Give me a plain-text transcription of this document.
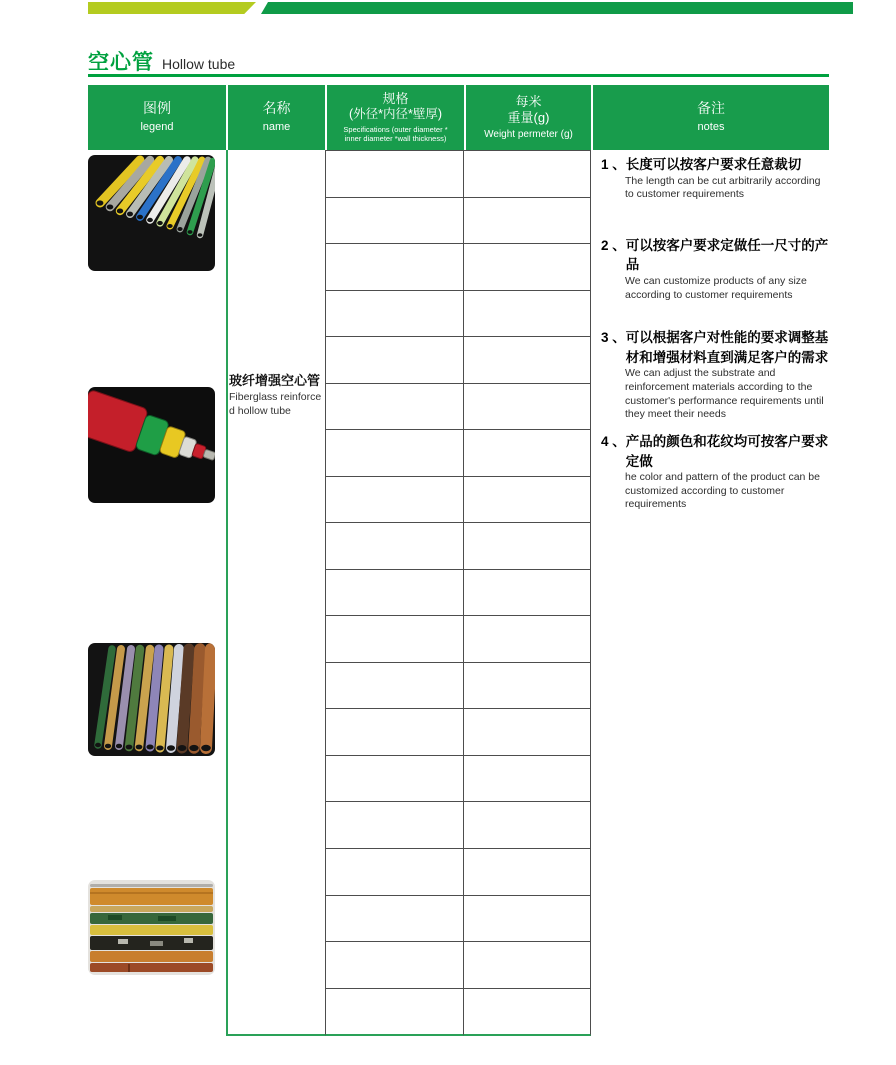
空心管 Hollow tube
图例
legend
名称
name
规格
(外径*内径*壁厚)
Specifications (outer diameter *
inner diameter *wall thickness)
每米
重量(g)
Weight permeter (g)
备注
notes
玻纤增强空心管
Fiberglass reinforced hollow tube
1 、 长度可以按客户要求任意裁切
The length can be cut arbitrarily according to customer requirements
2 、 可以按客户要求定做任一尺寸的产品
We can customize products of any size according to customer requirements
3 、 可以根据客户对性能的要求调整基材和增强材料直到满足客户的需求
We can adjust the substrate and reinforcement materials according to the customer's performance requirements until they meet their needs
4 、 产品的颜色和花纹均可按客户要求定做
he color and pattern of the product can be customized according to customer requirements
